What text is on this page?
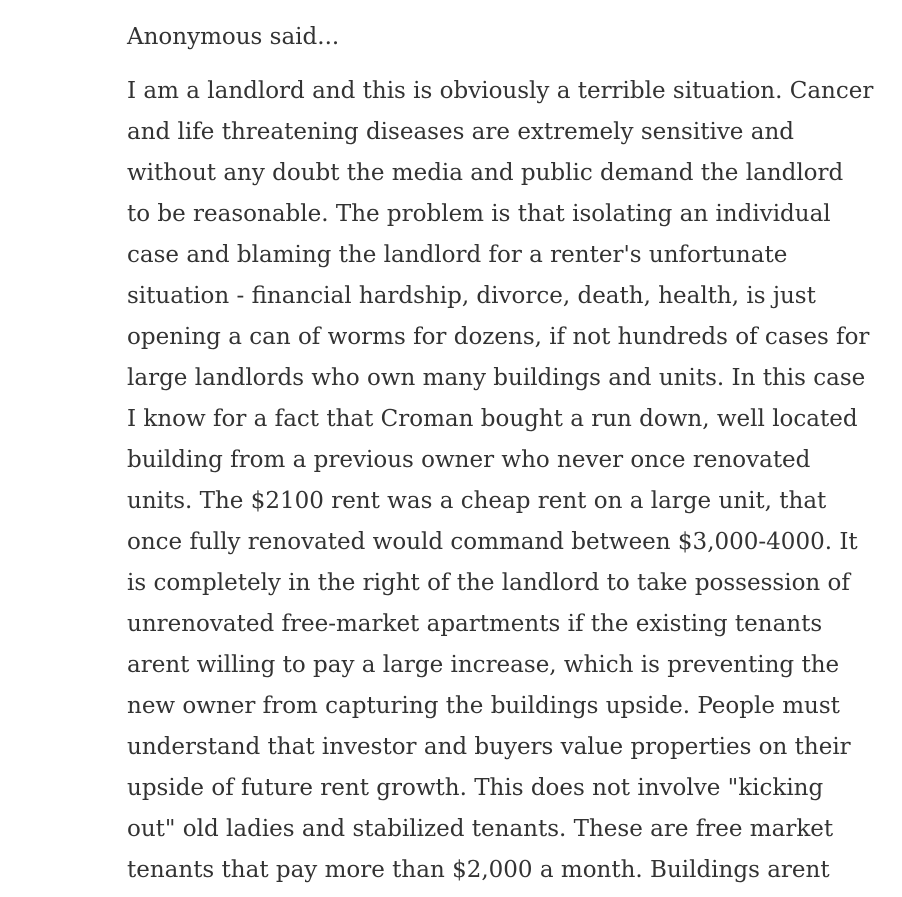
Anonymous said...
I am a landlord and this is obviously a terrible situation. Cancer
and life threatening diseases are extremely sensitive and
without any doubt the media and public demand the landlord
to be reasonable. The problem is that isolating an individual
case and blaming the landlord for a renter's unfortunate
situation - financial hardship, divorce, death, health, is just
opening a can of worms for dozens, if not hundreds of cases for
large landlords who own many buildings and units. In this case
I know for a fact that Croman bought a run down, well located
building from a previous owner who never once renovated
units. The $2100 rent was a cheap rent on a large unit, that
once fully renovated would command between $3,000-4000. It
is completely in the right of the landlord to take possession of
unrenovated free-market apartments if the existing tenants
arent willing to pay a large increase, which is preventing the
new owner from capturing the buildings upside. People must
understand that investor and buyers value properties on their
upside of future rent growth. This does not involve "kicking
out" old ladies and stabilized tenants. These are free market
tenants that pay more than $2,000 a month. Buildings arent
